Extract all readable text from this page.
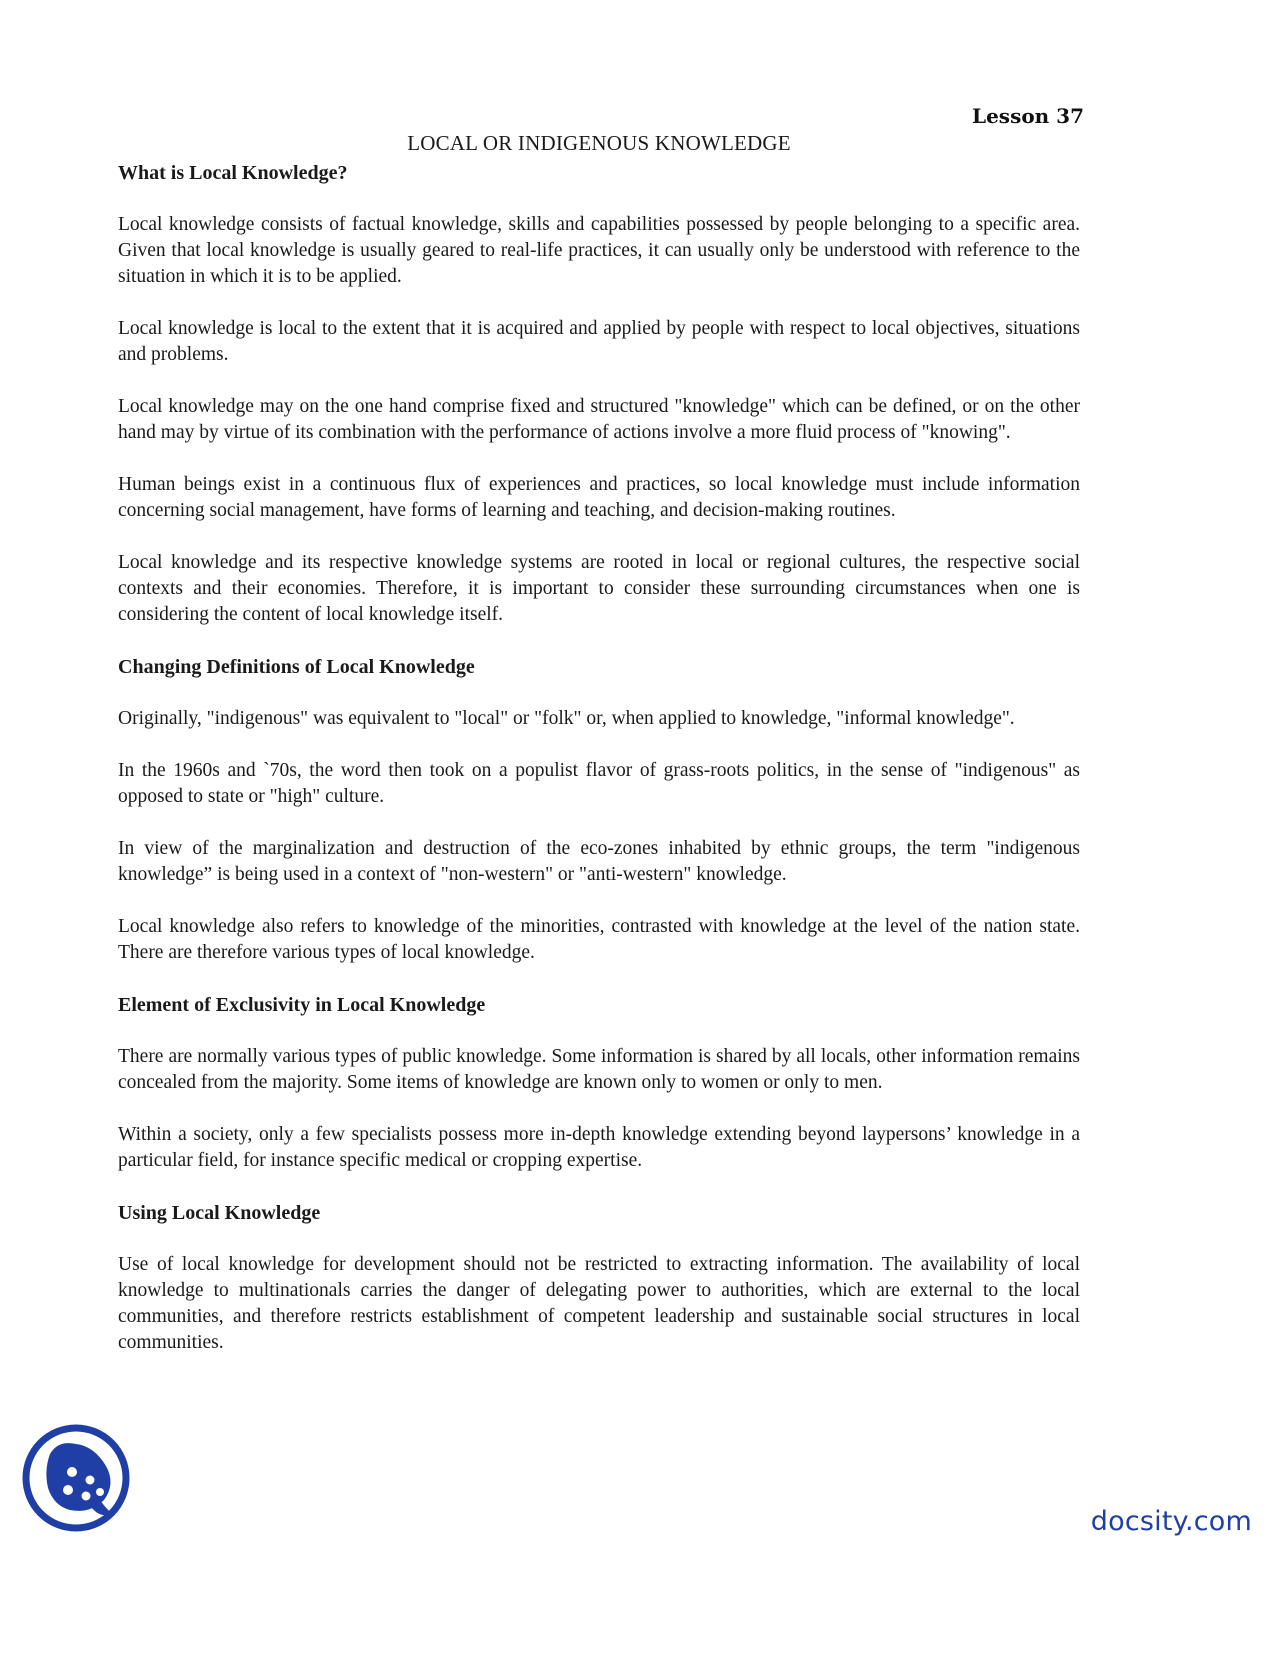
Lesson 37
LOCAL OR INDIGENOUS KNOWLEDGE
What is Local Knowledge?

Local knowledge consists of factual knowledge, skills and capabilities possessed by people belonging to a specific area. Given that local knowledge is usually geared to real-life practices, it can usually only be understood with reference to the situation in which it is to be applied.

Local knowledge is local to the extent that it is acquired and applied by people with respect to local objectives, situations and problems.

Local knowledge may on the one hand comprise fixed and structured "knowledge" which can be defined, or on the other hand may by virtue of its combination with the performance of actions involve a more fluid process of "knowing".

Human beings exist in a continuous flux of experiences and practices, so local knowledge must include information concerning social management, have forms of learning and teaching, and decision-making routines.

Local knowledge and its respective knowledge systems are rooted in local or regional cultures, the respective social contexts and their economies. Therefore, it is important to consider these surrounding circumstances when one is considering the content of local knowledge itself.

Changing Definitions of Local Knowledge

Originally, "indigenous" was equivalent to "local" or "folk" or, when applied to knowledge, "informal knowledge".

In the 1960s and `70s, the word then took on a populist flavor of grass-roots politics, in the sense of "indigenous" as opposed to state or "high" culture.

In view of the marginalization and destruction of the eco-zones inhabited by ethnic groups, the term "indigenous knowledge” is being used in a context of "non-western" or "anti-western" knowledge.

Local knowledge also refers to knowledge of the minorities, contrasted with knowledge at the level of the nation state. There are therefore various types of local knowledge.

Element of Exclusivity in Local Knowledge

There are normally various types of public knowledge. Some information is shared by all locals, other information remains concealed from the majority. Some items of knowledge are known only to women or only to men.

Within a society, only a few specialists possess more in-depth knowledge extending beyond laypersons’ knowledge in a particular field, for instance specific medical or cropping expertise.

Using Local Knowledge

Use of local knowledge for development should not be restricted to extracting information. The availability of local knowledge to multinationals carries the danger of delegating power to authorities, which are external to the local communities, and therefore restricts establishment of competent leadership and sustainable social structures in local communities.

docsity.com
